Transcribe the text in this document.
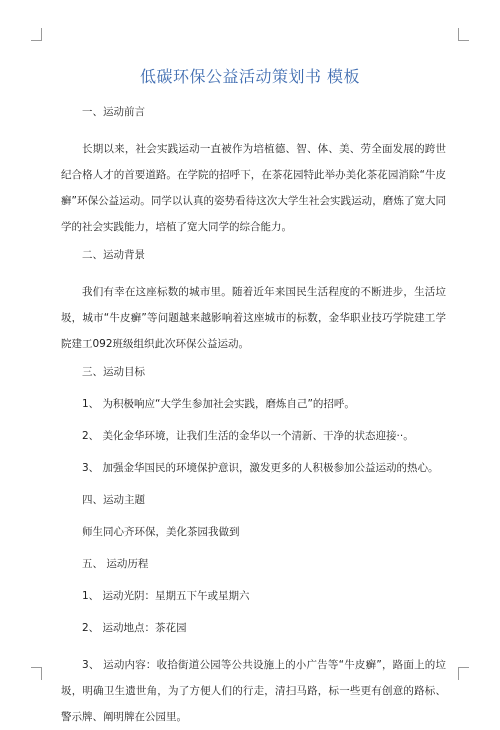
低碳环保公益活动策划书 模板
一、运动前言
长期以来，社会实践运动一直被作为培植德、智、体、美、劳全面发展的跨世纪合格人才的首要道路。在学院的招呼下，在茶花园特此举办美化茶花园消除“牛皮癣”环保公益运动。同学以认真的姿势看待这次大学生社会实践运动，磨炼了宽大同学的社会实践能力，培植了宽大同学的综合能力。
二、运动背景
我们有幸在这座标数的城市里。随着近年来国民生活程度的不断进步，生活垃圾，城市“牛皮癣”等问题越来越影响着这座城市的标数，金华职业技巧学院建工学院建工092班级组织此次环保公益运动。
三、运动目标
1、 为积极响应“大学生参加社会实践，磨炼自己”的招呼。
2、 美化金华环境，让我们生活的金华以一个清新、干净的状态迎接··。
3、 加强金华国民的环境保护意识，激发更多的人积极参加公益运动的热心。
四、运动主题
师生同心齐环保，美化茶园我做到
五、 运动历程
1、 运动光阴：星期五下午或星期六
2、 运动地点：茶花园
3、 运动内容：收拾街道公园等公共设施上的小广告等“牛皮癣”，路面上的垃圾，明确卫生遗世角，为了方便人们的行走，清扫马路，标一些更有创意的路标、警示牌、阐明牌在公园里。
